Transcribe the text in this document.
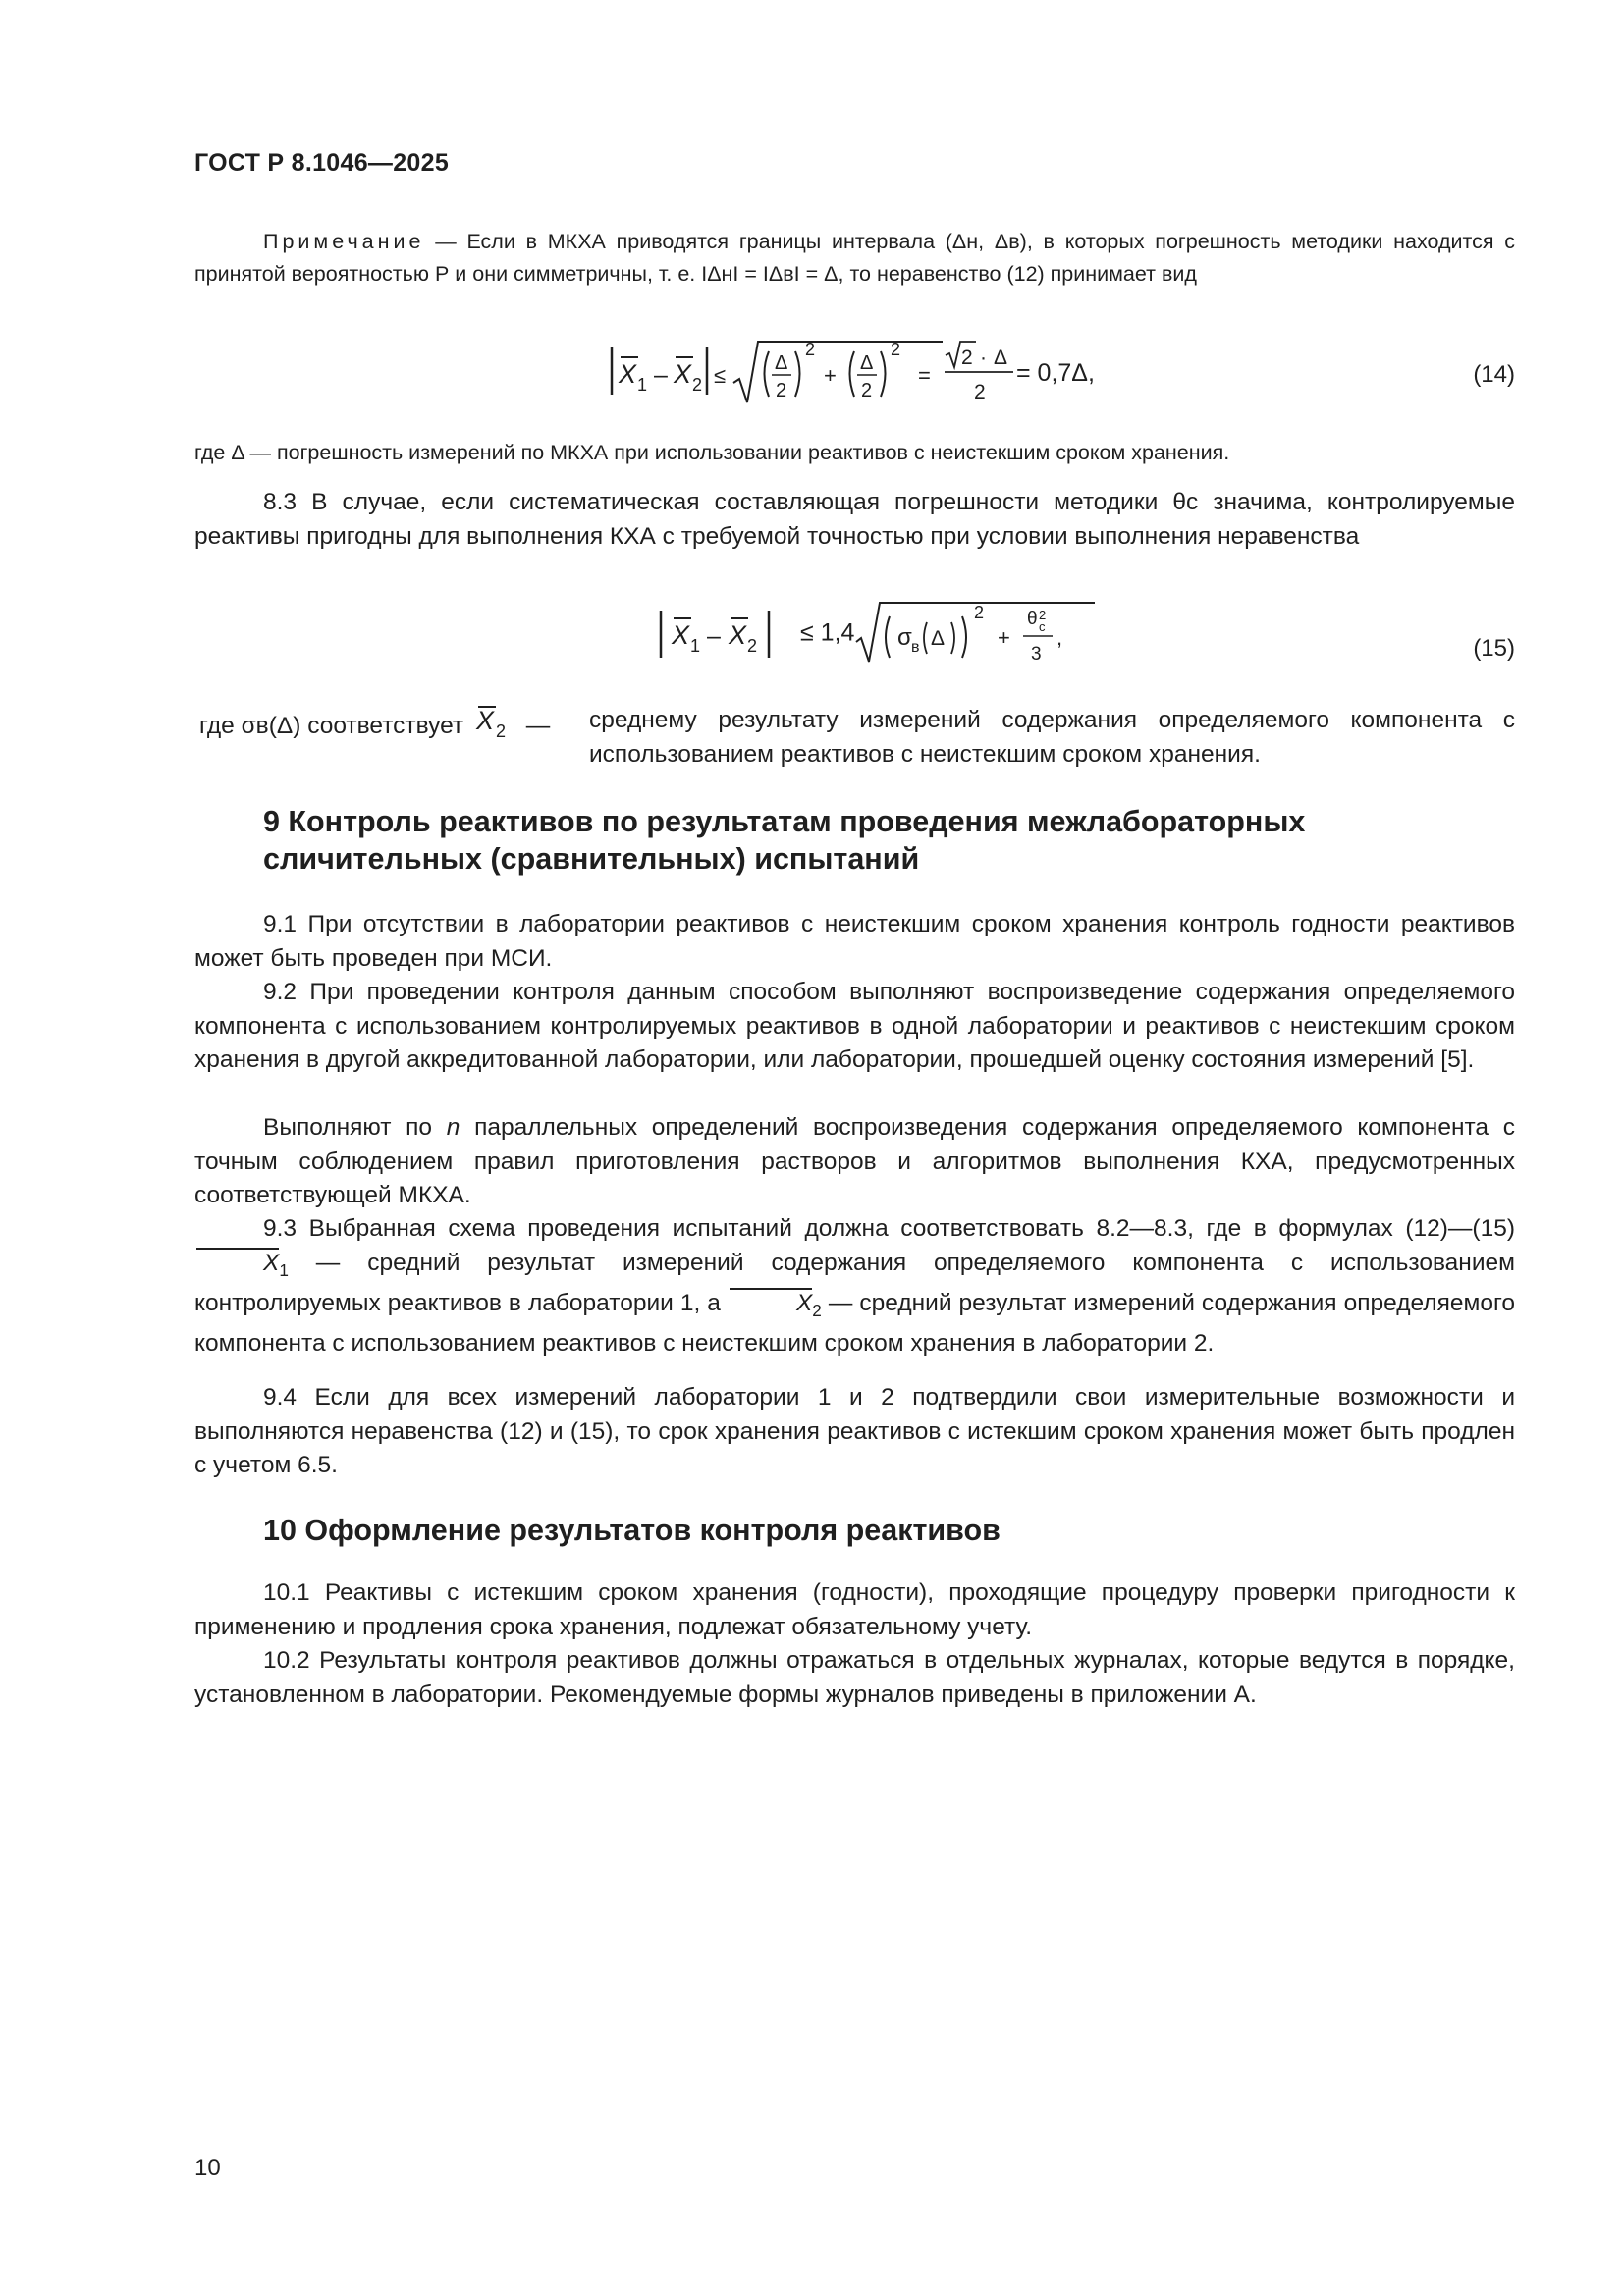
ГОСТ Р 8.1046—2025
Примечание — Если в МКХА приводятся границы интервала (Δн, Δв), в которых погрешность методики находится с принятой вероятностью Р и они симметричны, т. е. IΔнI = IΔвI = Δ, то неравенство (12) принимает вид
X 1 – X 2 ≤ Δ
2
2
+ Δ
2
2
=
2 · Δ
2
= 0,7Δ,	(14)
где Δ — погрешность измерений по МКХА при использовании реактивов с неистекшим сроком хранения.
8.3 В случае, если систематическая составляющая погрешности методики θс значима, контролируемые реактивы пригодны для выполнения КХА с требуемой точностью при условии выполнения неравенства
X 1 – X 2 ≤ 1,4 σ в Δ
2
+
θ 2
с
3
,	(15)
где σв(Δ) соответствует X 2 — среднему результату измерений содержания определяемого компонента с использованием реактивов с неистекшим сроком хранения.
9 Контроль реактивов по результатам проведения межлабораторных сличительных (сравнительных) испытаний
9.1 При отсутствии в лаборатории реактивов с неистекшим сроком хранения контроль годности реактивов может быть проведен при МСИ.
9.2 При проведении контроля данным способом выполняют воспроизведение содержания определяемого компонента с использованием контролируемых реактивов в одной лаборатории и реактивов с неистекшим сроком хранения в другой аккредитованной лаборатории, или лаборатории, прошедшей оценку состояния измерений [5].
Выполняют по n параллельных определений воспроизведения содержания определяемого компонента с точным соблюдением правил приготовления растворов и алгоритмов выполнения КХА, предусмотренных соответствующей МКХА.
9.3 Выбранная схема проведения испытаний должна соответствовать 8.2—8.3, где в формулах (12)—(15) $X_1$ — средний результат измерений содержания определяемого компонента с использованием контролируемых реактивов в лаборатории 1, а	$X_2$ — средний результат измерений содержания определяемого компонента с использованием реактивов с неистекшим сроком хранения в лаборатории 2.
9.4 Если для всех измерений лаборатории 1 и 2 подтвердили свои измерительные возможности и выполняются неравенства (12) и (15), то срок хранения реактивов с истекшим сроком хранения может быть продлен с учетом 6.5.
10 Оформление результатов контроля реактивов
10.1 Реактивы с истекшим сроком хранения (годности), проходящие процедуру проверки пригодности к применению и продления срока хранения, подлежат обязательному учету.
10.2 Результаты контроля реактивов должны отражаться в отдельных журналах, которые ведутся в порядке, установленном в лаборатории. Рекомендуемые формы журналов приведены в приложении А.
10
